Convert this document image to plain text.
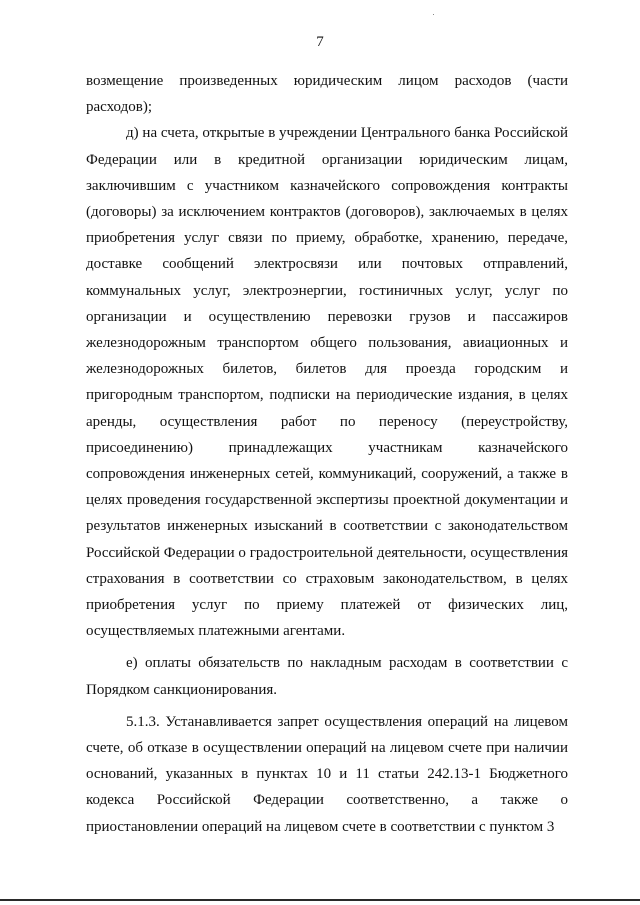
7

возмещение произведенных юридическим лицом расходов (части расходов);

д) на счета, открытые в учреждении Центрального банка Российской Федерации или в кредитной организации юридическим лицам, заключившим с участником казначейского сопровождения контракты (договоры) за исключением контрактов (договоров), заключаемых в целях приобретения услуг связи по приему, обработке, хранению, передаче, доставке сообщений электросвязи или почтовых отправлений, коммунальных услуг, электроэнергии, гостиничных услуг, услуг по организации и осуществлению перевозки грузов и пассажиров железнодорожным транспортом общего пользования, авиационных и железнодорожных билетов, билетов для проезда городским и пригородным транспортом, подписки на периодические издания, в целях аренды, осуществления работ по переносу (переустройству, присоединению) принадлежащих участникам казначейского сопровождения инженерных сетей, коммуникаций, сооружений, а также в целях проведения государственной экспертизы проектной документации и результатов инженерных изысканий в соответствии с законодательством Российской Федерации о градостроительной деятельности, осуществления страхования в соответствии со страховым законодательством, в целях приобретения услуг по приему платежей от физических лиц, осуществляемых платежными агентами.

е) оплаты обязательств по накладным расходам в соответствии с Порядком санкционирования.

5.1.3. Устанавливается запрет осуществления операций на лицевом счете, об отказе в осуществлении операций на лицевом счете при наличии оснований, указанных в пунктах 10 и 11 статьи 242.13-1 Бюджетного кодекса Российской Федерации соответственно, а также о приостановлении операций на лицевом счете в соответствии с пунктом 3
